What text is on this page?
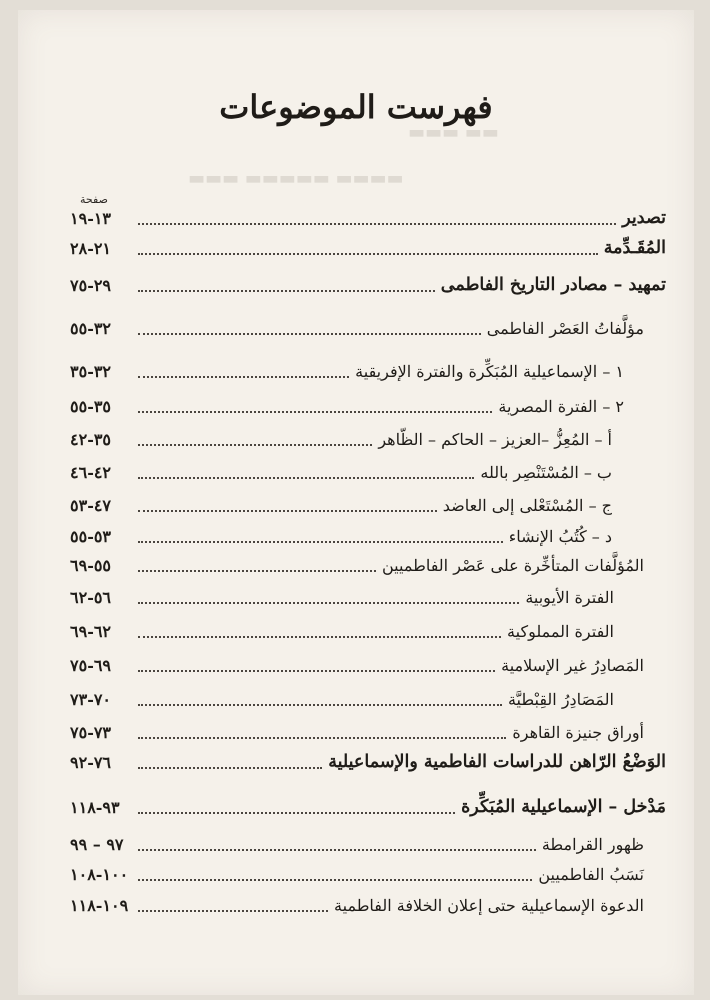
▬▬ ▬▬▬
▬▬▬▬ ▬▬▬▬▬ ▬▬▬
فهرست الموضوعات
صفحة
تصدير
١٣-١٩
المُقَـدِّمة
٢١-٢٨
تمهيد – مصادر التاريخ الفاطمى
٢٩-٧٥
مؤلَّفاتُ العَصْر الفاطمى
٣٢-٥٥
١ – الإسماعيلية المُبَكِّرة والفترة الإفريقية
٣٢-٣٥
٢ – الفترة المصرية
٣٥-٥٥
أ – المُعِزُّ –العزيز – الحاكم – الظّاهر
٣٥-٤٢
ب – المُسْتَنْصِر بالله
٤٢-٤٦
ج – المُسْتَعْلى إلى العاضد
٤٧-٥٣
د – كُتُبُ الإنشاء
٥٣-٥٥
المُؤلَّفات المتأخِّرة على عَصْر الفاطميين
٥٥-٦٩
الفترة الأيوبية
٥٦-٦٢
الفترة المملوكية
٦٢-٦٩
المَصادِرُ غير الإسلامية
٦٩-٧٥
المَصَادِرُ القِبْطيَّة
٧٠-٧٣
أوراق جنيزة القاهرة
٧٣-٧٥
الوَضْعُ الرّاهن للدراسات الفاطمية والإسماعيلية
٧٦-٩٢
مَدْخل – الإسماعيلية المُبَكِّرة
٩٣-١١٨
ظهور القرامطة
٩٧ – ٩٩
نَسَبُ الفاطميين
١٠٠-١٠٨
الدعوة الإسماعيلية حتى إعلان الخلافة الفاطمية
١٠٩-١١٨
